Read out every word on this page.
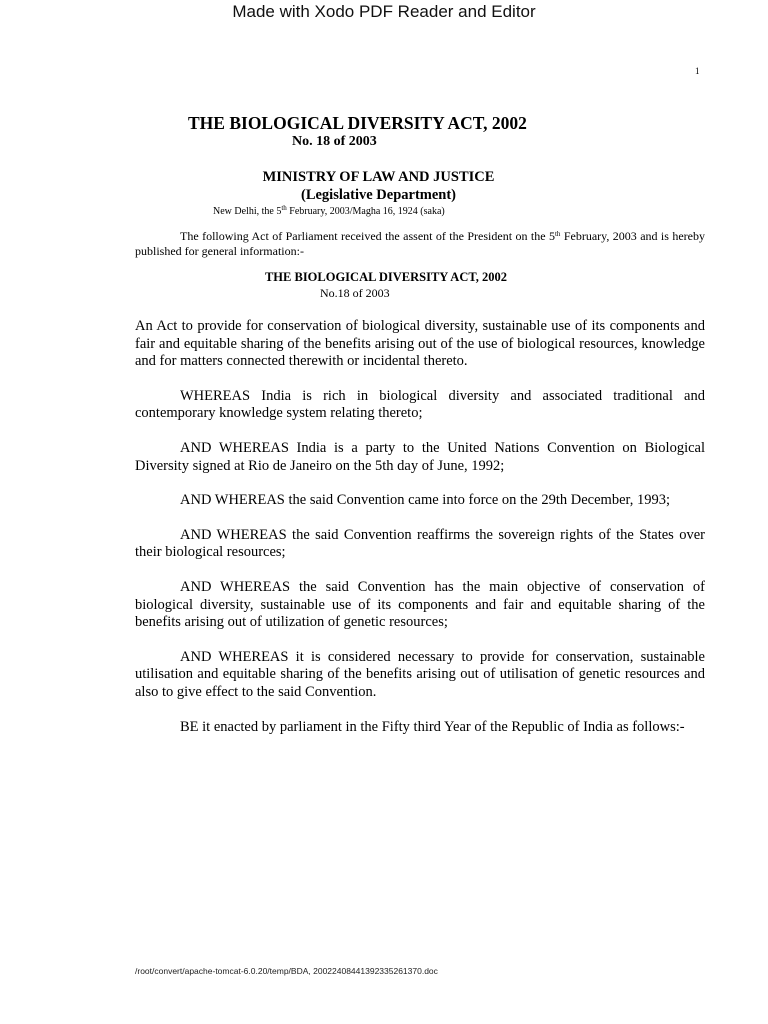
Made with Xodo PDF Reader and Editor
1
THE BIOLOGICAL DIVERSITY ACT, 2002
No. 18 of 2003
MINISTRY OF LAW AND JUSTICE
(Legislative Department)
New Delhi, the 5th February, 2003/Magha 16, 1924 (saka)
The following Act of Parliament received the assent of the President on the 5th February, 2003 and is hereby published for general information:-
THE BIOLOGICAL DIVERSITY ACT, 2002
No.18 of 2003

An Act to provide for conservation of biological diversity, sustainable use of its components and fair and equitable sharing of the benefits arising out of the use of biological resources, knowledge and for matters connected therewith or incidental thereto.

WHEREAS India is rich in biological diversity and associated traditional and contemporary knowledge system relating thereto;

AND WHEREAS India is a party to the United Nations Convention on Biological Diversity signed at Rio de Janeiro on the 5th day of June, 1992;

AND WHEREAS the said Convention came into force on the 29th December, 1993;

AND WHEREAS the said Convention reaffirms the sovereign rights of the States over their biological resources;

AND WHEREAS the said Convention has the main objective of conservation of biological diversity, sustainable use of its components and fair and equitable sharing of the benefits arising out of utilization of genetic resources;

AND WHEREAS it is considered necessary to provide for conservation, sustainable utilisation and equitable sharing of the benefits arising out of utilisation of genetic resources and also to give effect to the said Convention.

BE it enacted by parliament in the Fifty third Year of the Republic of India as follows:-

/root/convert/apache-tomcat-6.0.20/temp/BDA, 2002240844139233526137​0.doc
